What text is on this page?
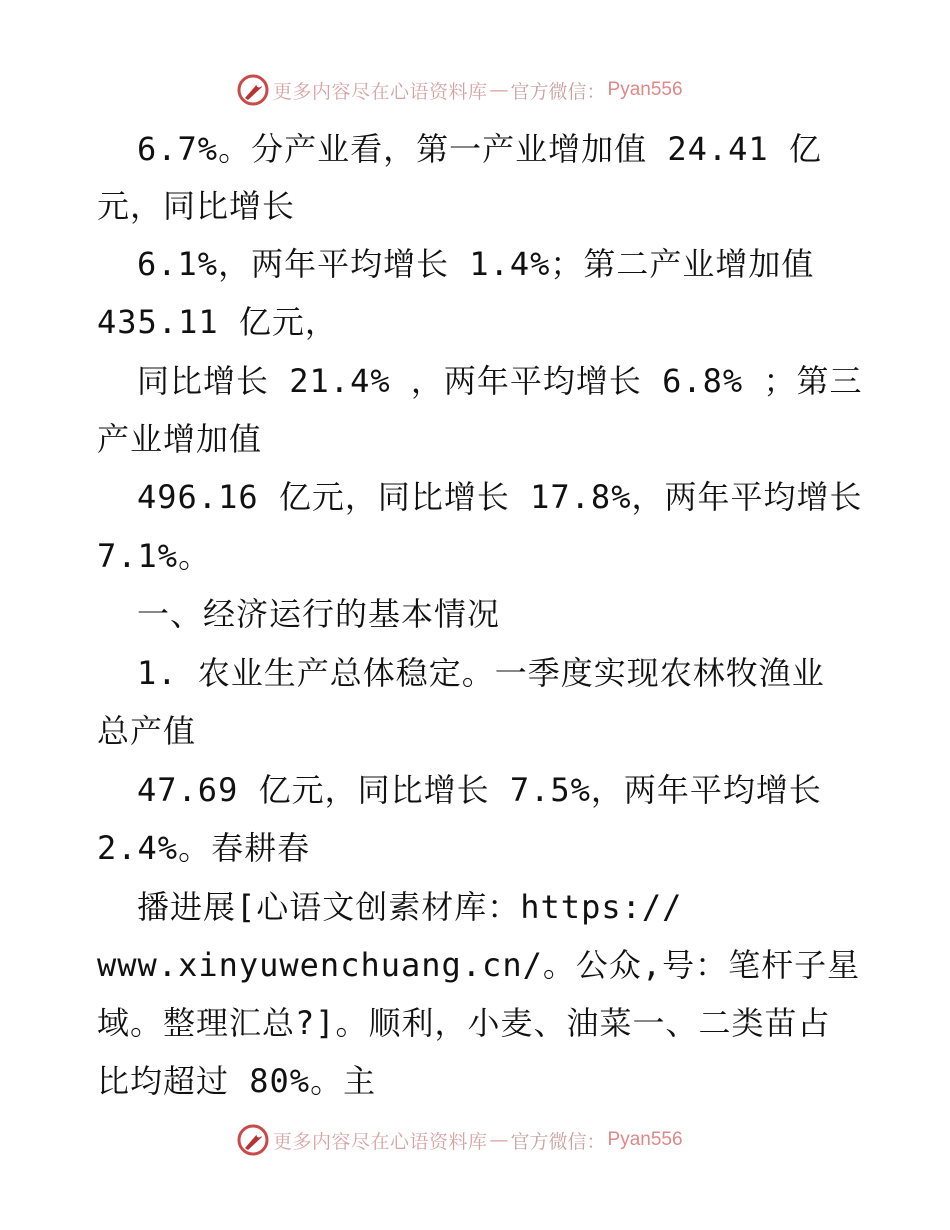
更多内容尽在心语资料库 — 官方微信： Pyan556
6.7%。分产业看，第一产业增加值 24.41 亿
元，同比增长
6.1%，两年平均增长 1.4%；第二产业增加值
435.11 亿元，
同比增长 21.4% ，两年平均增长 6.8% ；第三
产业增加值
496.16 亿元，同比增长 17.8%，两年平均增长
7.1%。
一、经济运行的基本情况
1. 农业生产总体稳定。一季度实现农林牧渔业
总产值
47.69 亿元，同比增长 7.5%，两年平均增长
2.4%。春耕春
播进展[心语文创素材库：https://
www.xinyuwenchuang.cn/。公众,号：笔杆子星
域。整理汇总?]。顺利，小麦、油菜一、二类苗占
比均超过 80%。主
更多内容尽在心语资料库 — 官方微信： Pyan556
